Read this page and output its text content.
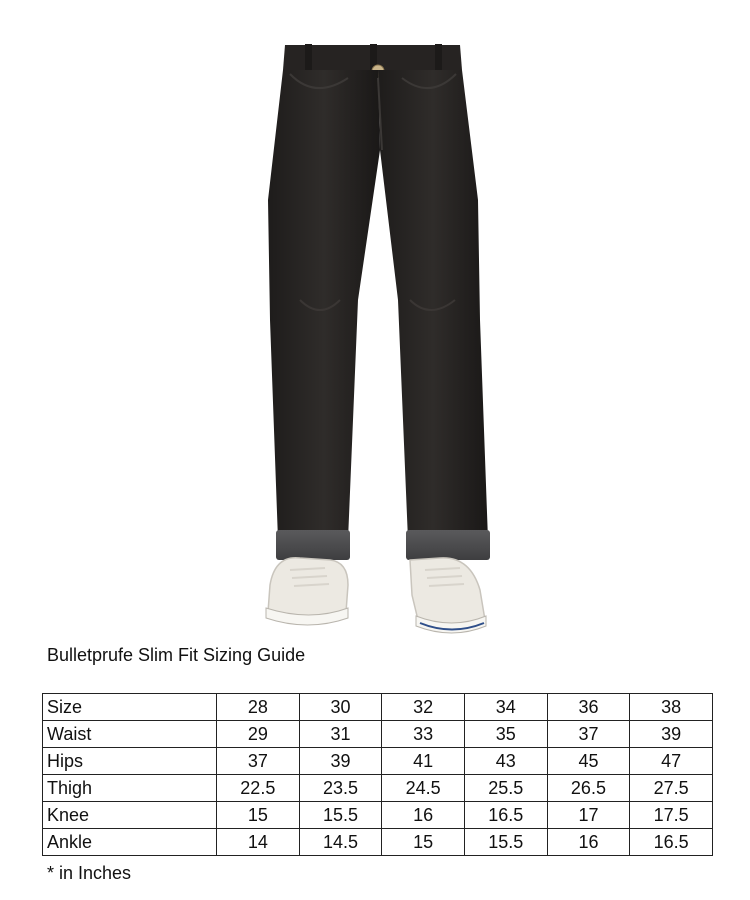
Bulletprufe Slim Fit Sizing Guide
Size	28	30	32	34	36	38
Waist	29	31	33	35	37	39
Hips	37	39	41	43	45	47
Thigh	22.5	23.5	24.5	25.5	26.5	27.5
Knee	15	15.5	16	16.5	17	17.5
Ankle	14	14.5	15	15.5	16	16.5
* in Inches
